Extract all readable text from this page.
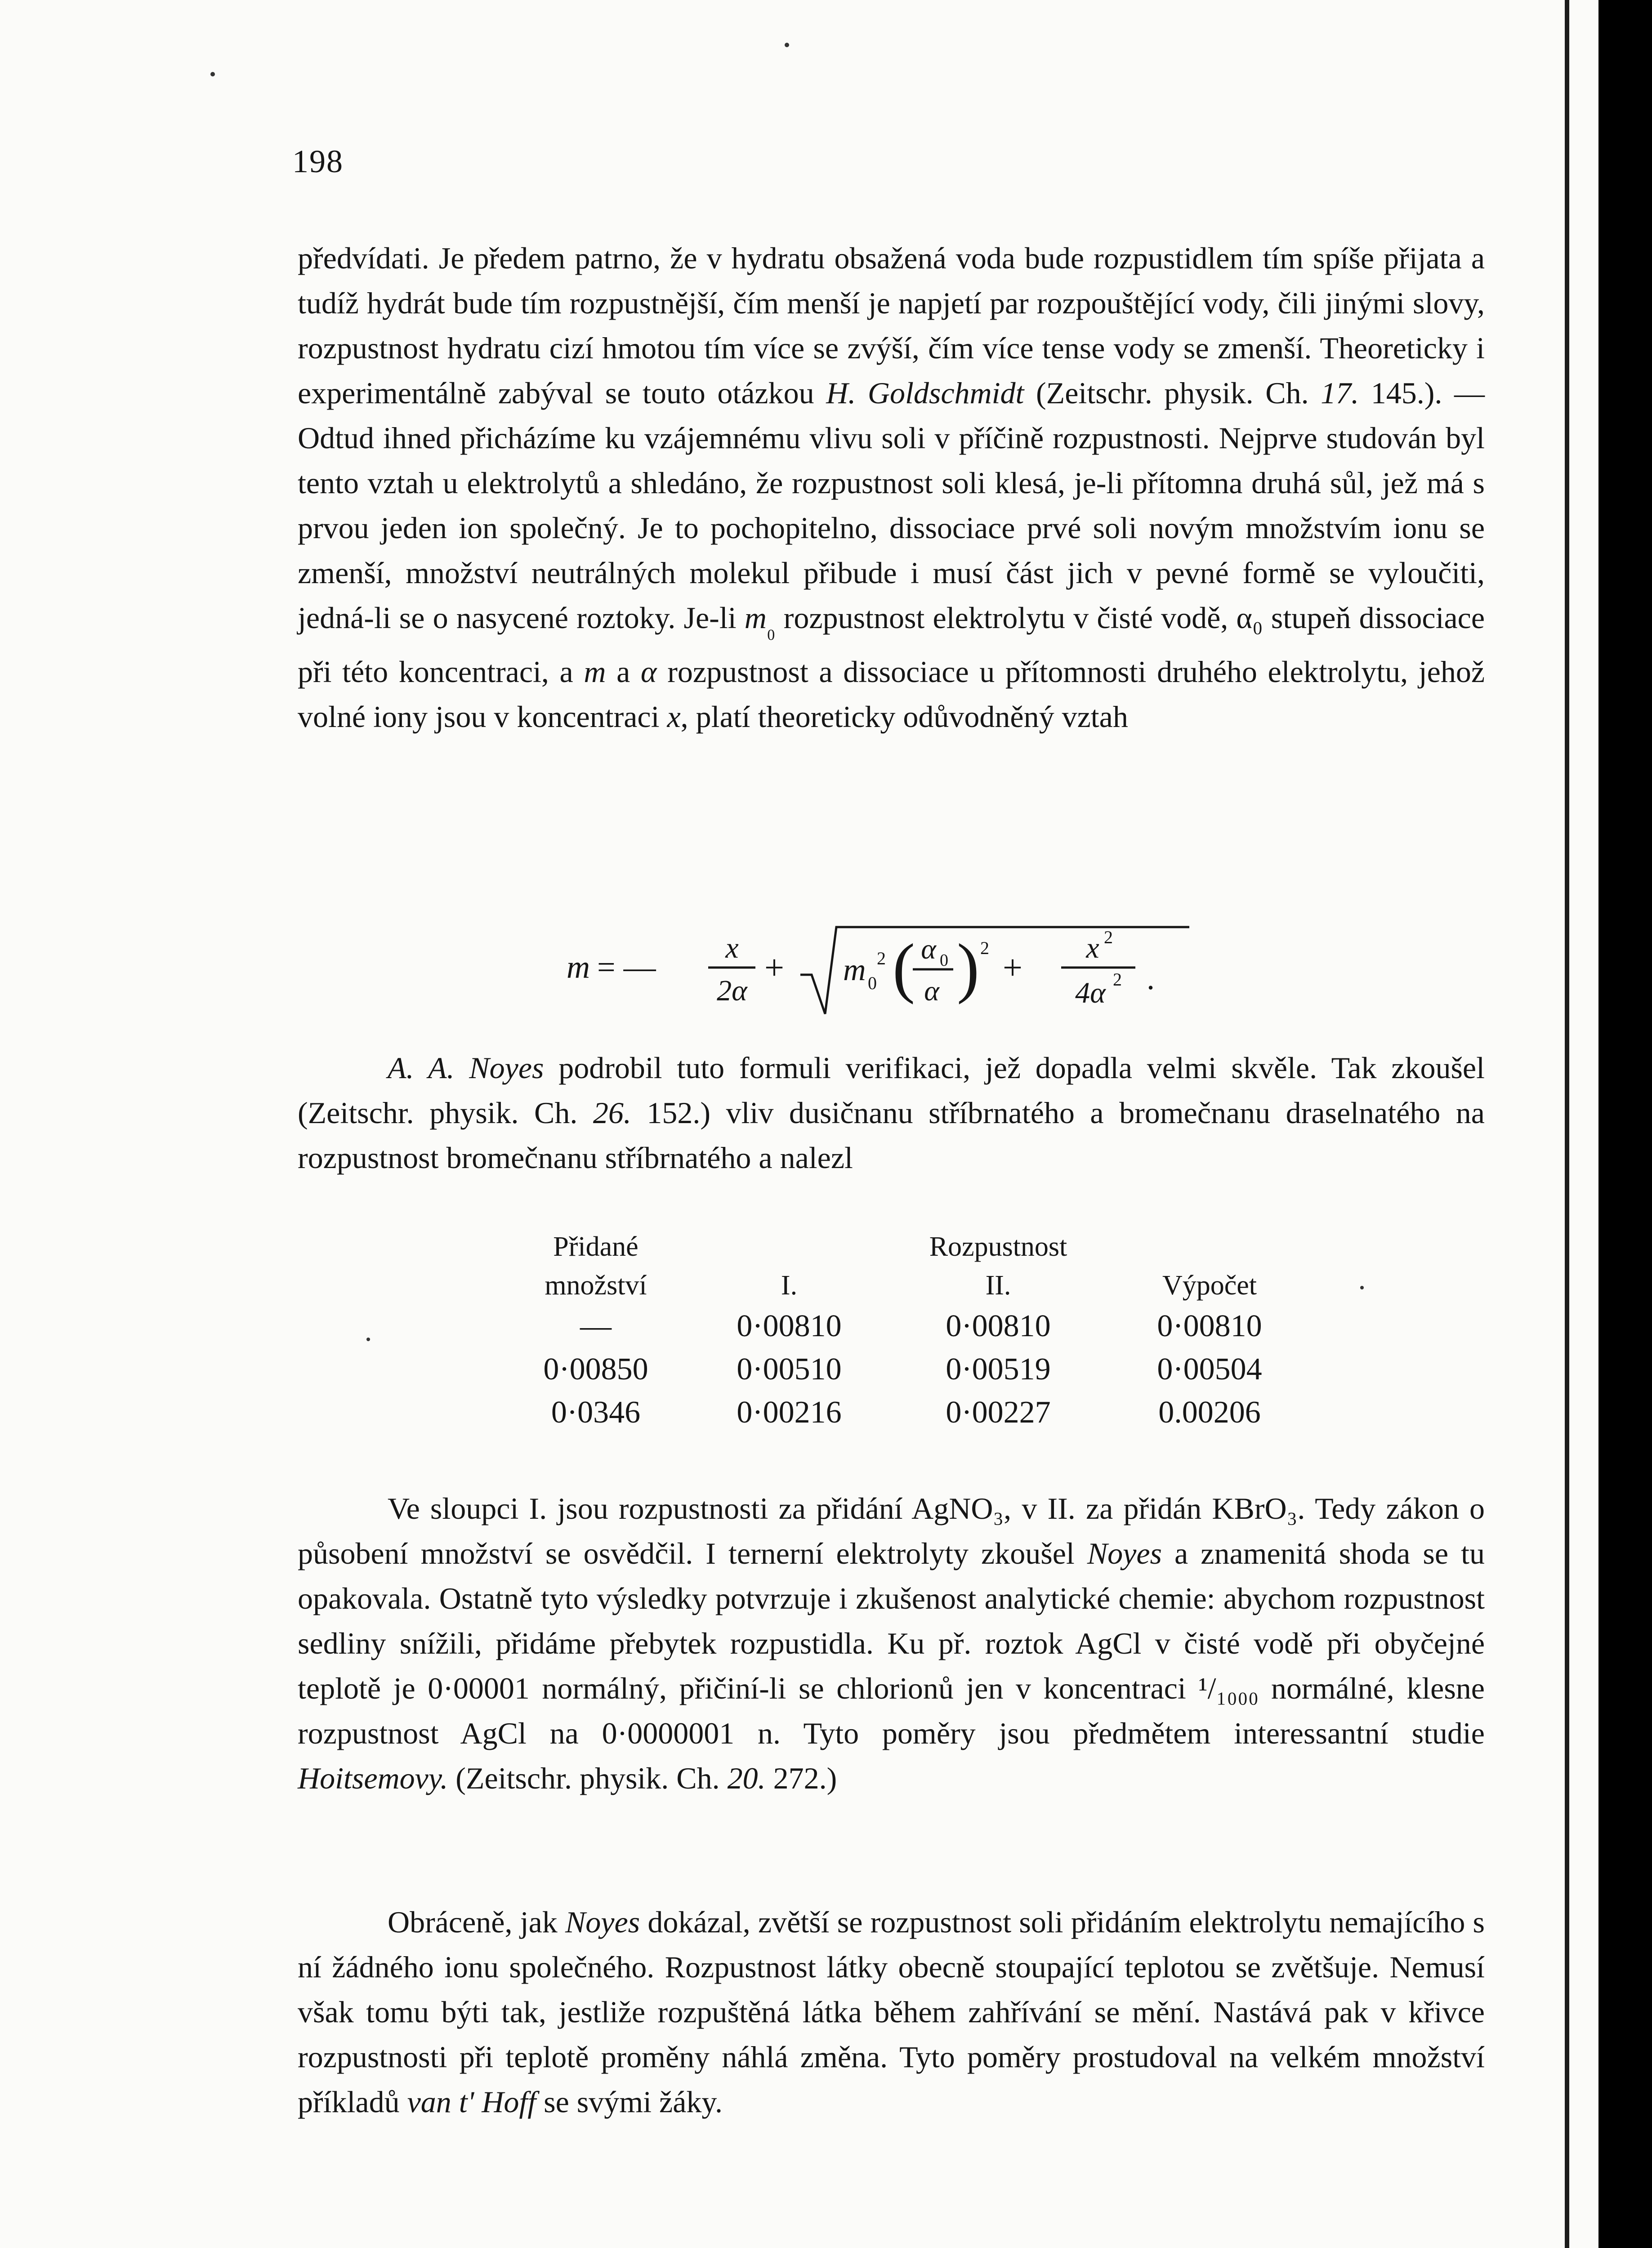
198

předvídati. Je předem patrno, že v hydratu obsažená voda bude rozpustidlem tím spíše přijata a tudíž hydrát bude tím rozpustnější, čím menší je napjetí par rozpouštějící vody, čili jinými slovy, rozpustnost hydratu cizí hmotou tím více se zvýší, čím více tense vody se zmenší. Theoreticky i experimentálně zabýval se touto otázkou H. Goldschmidt (Zeitschr. physik. Ch. 17. 145.). — Odtud ihned přicházíme ku vzájemnému vlivu soli v příčině rozpustnosti. Nejprve studován byl tento vztah u elektrolytů a shledáno, že rozpustnost soli klesá, je-li přítomna druhá sůl, jež má s prvou jeden ion společný. Je to pochopitelno, dissociace prvé soli novým množstvím ionu se zmenší, množství neutrálných molekul přibude i musí část jich v pevné formě se vyloučiti, jedná-li se o nasycené roztoky. Je-li $m_{_0}$ rozpustnost elektrolytu v čisté vodě, α₀ stupeň dissociace při této koncentraci, a m a α rozpustnost a dissociace u přítomnosti druhého elektrolytu, jehož volné iony jsou v koncentraci x, platí theoreticky odůvodněný vztah

m = —
x
2α
+ m 0
2 ( α 0
α ) 2 + x 2
4α 2 .

A. A. Noyes podrobil tuto formuli verifikaci, jež dopadla velmi skvěle. Tak zkoušel (Zeitschr. physik. Ch. 26. 152.) vliv dusičnanu stříbrnatého a bromečnanu draselnatého na rozpustnost bromečnanu stříbrnatého a nalezl

Přidané		Rozpustnost	
množství	I.	II.	Výpočet
—	0·00810	0·00810	0·00810
0·00850	0·00510	0·00519	0·00504
0·0346	0·00216	0·00227	0.00206

Ve sloupci I. jsou rozpustnosti za přidání AgNO₃, v II. za přidán KBrO₃. Tedy zákon o působení množství se osvědčil. I ternerní elektrolyty zkoušel Noyes a znamenitá shoda se tu opakovala. Ostatně tyto výsledky potvrzuje i zkušenost analytické chemie: abychom rozpustnost sedliny snížili, přidáme přebytek rozpustidla. Ku př. roztok AgCl v čisté vodě při obyčejné teplotě je 0·00001 normálný, přičiní-li se chlorionů jen v koncentraci ¹/₁₀₀₀ normálné, klesne rozpustnost AgCl na 0·0000001 n. Tyto poměry jsou předmětem interessantní studie Hoitsemovy. (Zeitschr. physik. Ch. 20. 272.)

Obráceně, jak Noyes dokázal, zvětší se rozpustnost soli přidáním elektrolytu nemajícího s ní žádného ionu společného. Rozpustnost látky obecně stoupající teplotou se zvětšuje. Nemusí však tomu býti tak, jestliže rozpuštěná látka během zahřívání se mění. Nastává pak v křivce rozpustnosti při teplotě proměny náhlá změna. Tyto poměry prostudoval na velkém množství příkladů van t' Hoff se svými žáky.
